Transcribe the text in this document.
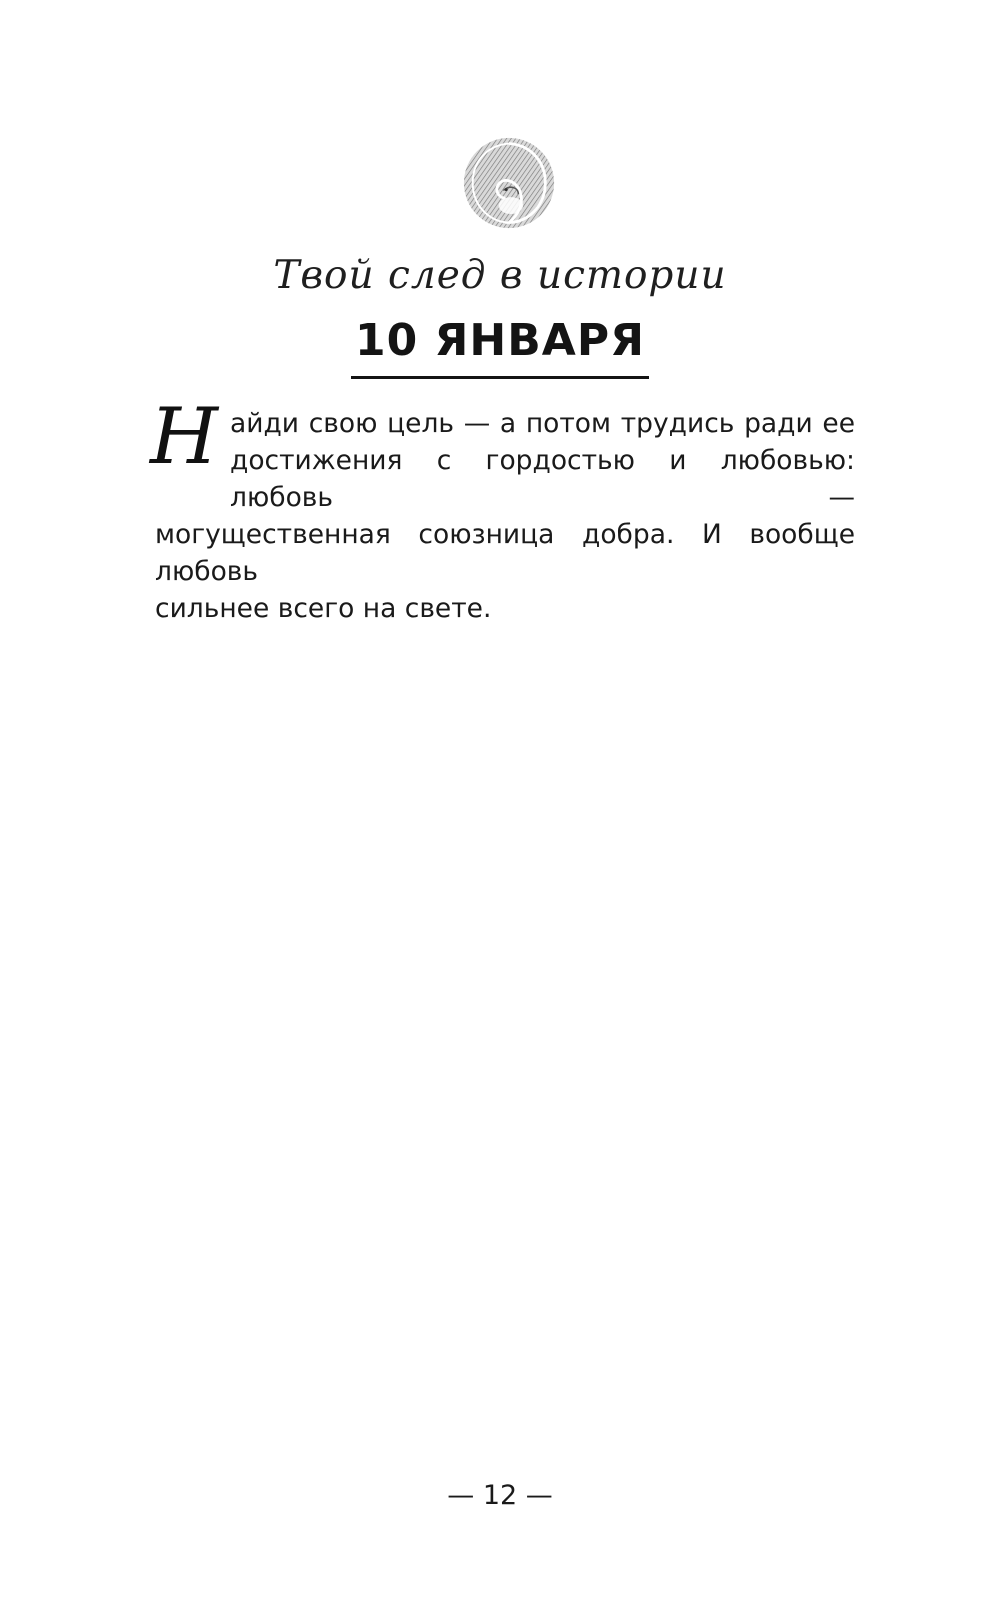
Твой след в истории
10 ЯНВАРЯ
Н айди свою цель — а потом трудись ради ее
достижения с гордостью и любовью: любовь —
могущественная союзница добра. И вообще любовь
сильнее всего на свете.
— 12 —
